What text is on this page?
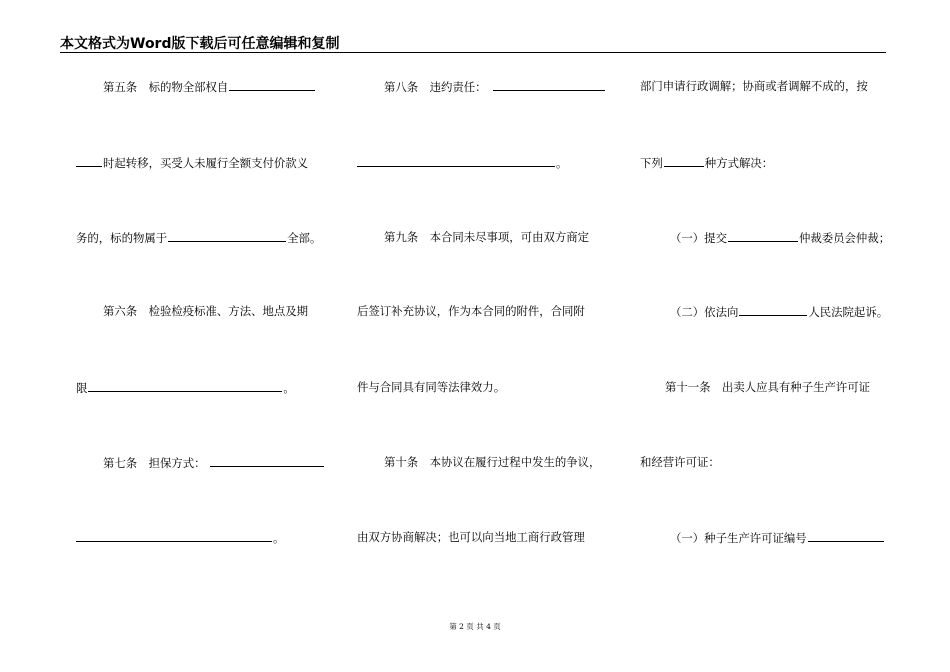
本文格式为Word版下载后可任意编辑和复制
第五条　标的物全部权自
时起转移，买受人未履行全额支付价款义
务的，标的物属于	全部。
第六条　检验检疫标准、方法、地点及期
限	。
第七条　担保方式：
。
第八条　违约责任：
。
第九条　本合同未尽事项，可由双方商定
后签订补充协议，作为本合同的附件，合同附
件与合同具有同等法律效力。
第十条　本协议在履行过程中发生的争议，
由双方协商解决；也可以向当地工商行政管理
部门申请行政调解；协商或者调解不成的，按
下列	种方式解决：
（一）提交	仲裁委员会仲裁；
（二）依法向	人民法院起诉。
第十一条　出卖人应具有种子生产许可证
和经营许可证：
（一）种子生产许可证编号
第 2 页 共 4 页
